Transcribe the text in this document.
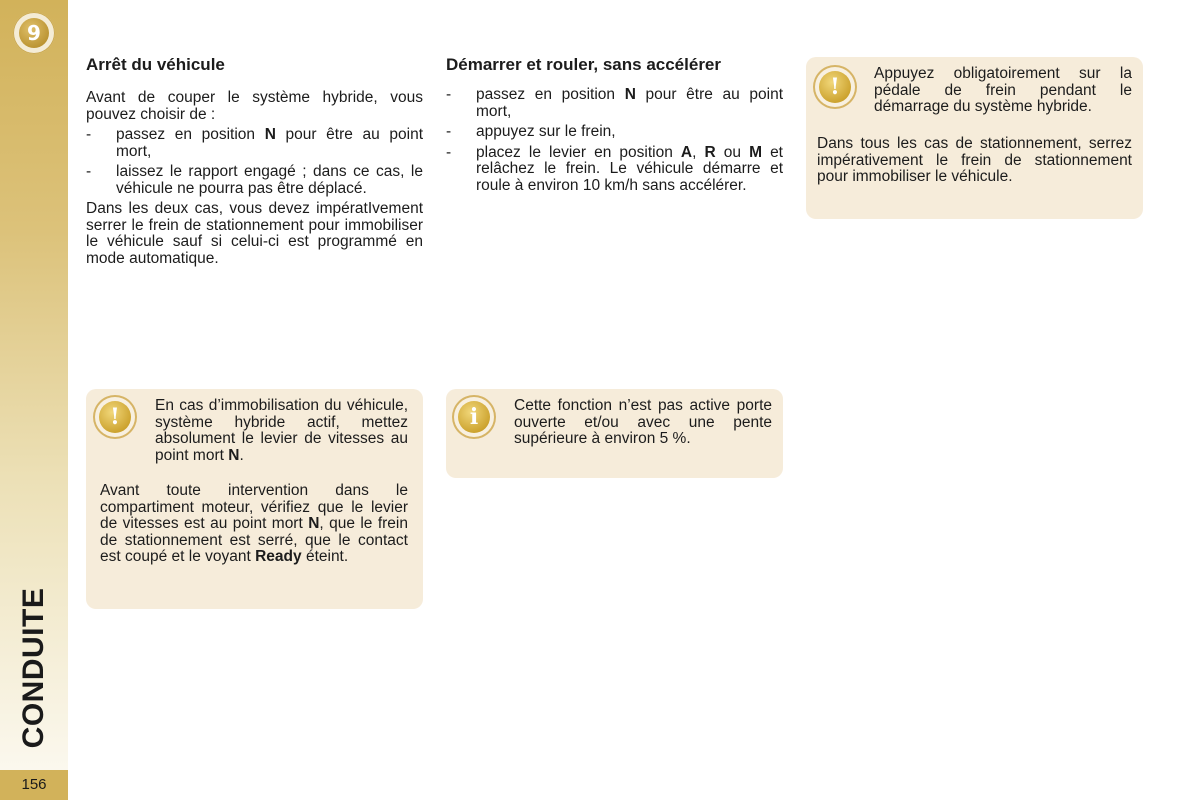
9
CONDUITE
156
Arrêt du véhicule

Avant de couper le système hybride, vous pouvez choisir de :

- passez en position N pour être au point mort,
- laissez le rapport engagé ; dans ce cas, le véhicule ne pourra pas être déplacé.

Dans les deux cas, vous devez impératIvement serrer le frein de stationnement pour immobiliser le véhicule sauf si celui-ci est programmé en mode automatique.

Démarrer et rouler, sans accélérer
- passez en position N pour être au point mort,
- appuyez sur le frein,
- placez le levier en position A, R ou M et relâchez le frein. Le véhicule démarre et roule à environ 10 km/h sans accélérer.
!

Appuyez obligatoirement sur la pédale de frein pendant le démarrage du système hybride.

Dans tous les cas de stationnement, serrez impérativement le frein de stationnement pour immobiliser le véhicule.

!	En cas d’immobilisation du véhicule, système hybride actif, mettez absolument le levier de vitesses au point mort N.

Avant toute intervention dans le compartiment moteur, vérifiez que le levier de vitesses est au point mort N, que le frein de stationnement est serré, que le contact est coupé et le voyant Ready éteint.

i	Cette fonction n’est pas active porte ouverte et/ou avec une pente supérieure à environ 5 %.
